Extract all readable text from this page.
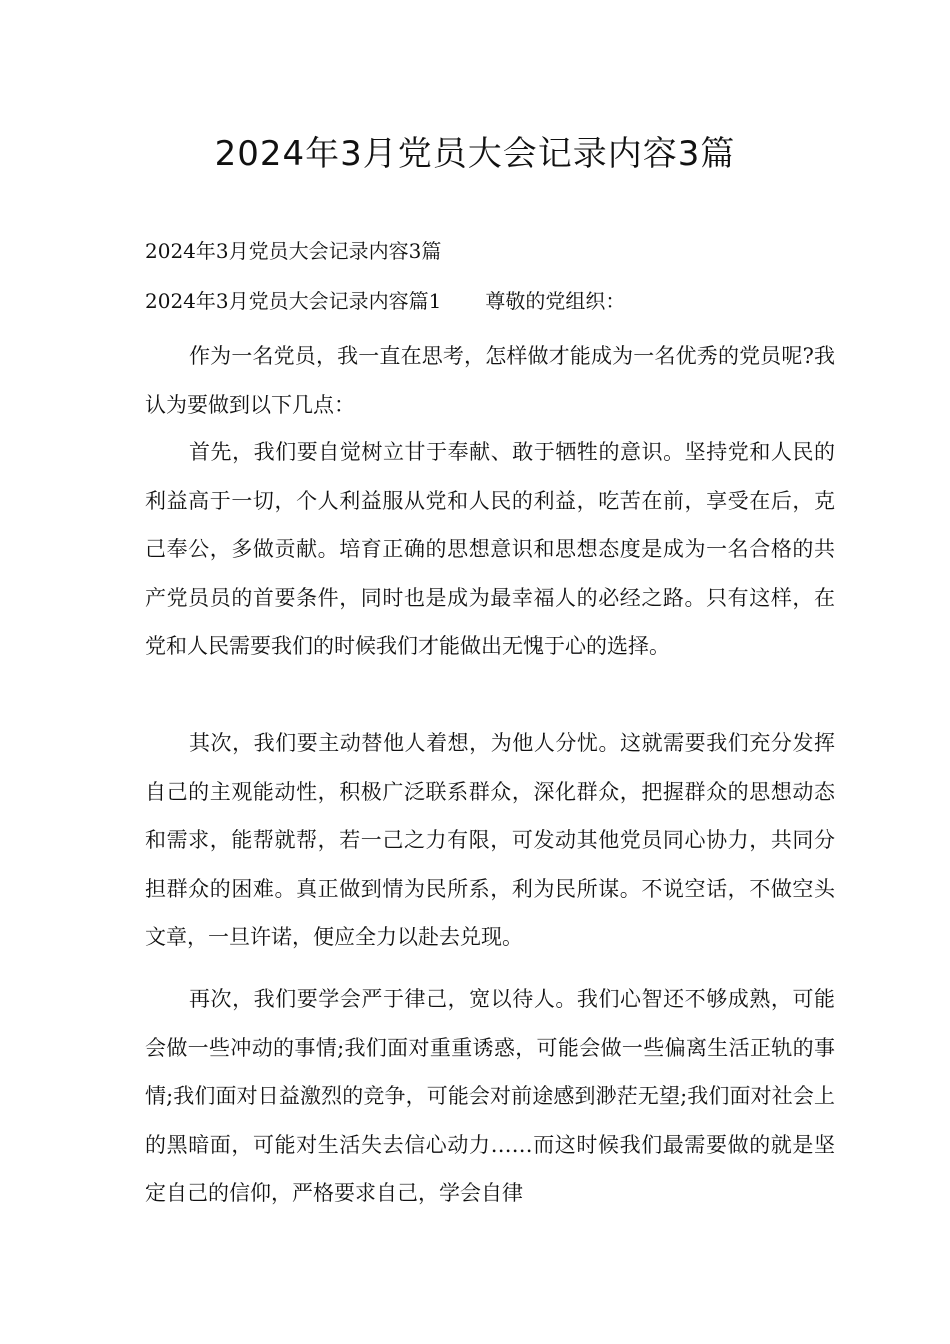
2024年3月党员大会记录内容3篇
2024年3月党员大会记录内容3篇
2024年3月党员大会记录内容篇1 尊敬的党组织：

作为一名党员，我一直在思考，怎样做才能成为一名优秀的党员呢?我认为要做到以下几点：

首先，我们要自觉树立甘于奉献、敢于牺牲的意识。坚持党和人民的利益高于一切，个人利益服从党和人民的利益，吃苦在前，享受在后，克己奉公，多做贡献。培育正确的思想意识和思想态度是成为一名合格的共产党员员的首要条件，同时也是成为最幸福人的必经之路。只有这样，在党和人民需要我们的时候我们才能做出无愧于心的选择。

其次，我们要主动替他人着想，为他人分忧。这就需要我们充分发挥自己的主观能动性，积极广泛联系群众，深化群众，把握群众的思想动态和需求，能帮就帮，若一己之力有限，可发动其他党员同心协力，共同分担群众的困难。真正做到情为民所系，利为民所谋。不说空话，不做空头文章，一旦许诺，便应全力以赴去兑现。

再次，我们要学会严于律己，宽以待人。我们心智还不够成熟，可能会做一些冲动的事情;我们面对重重诱惑，可能会做一些偏离生活正轨的事情;我们面对日益激烈的竞争，可能会对前途感到渺茫无望;我们面对社会上的黑暗面，可能对生活失去信心动力……而这时候我们最需要做的就是坚定自己的信仰，严格要求自己，学会自律
